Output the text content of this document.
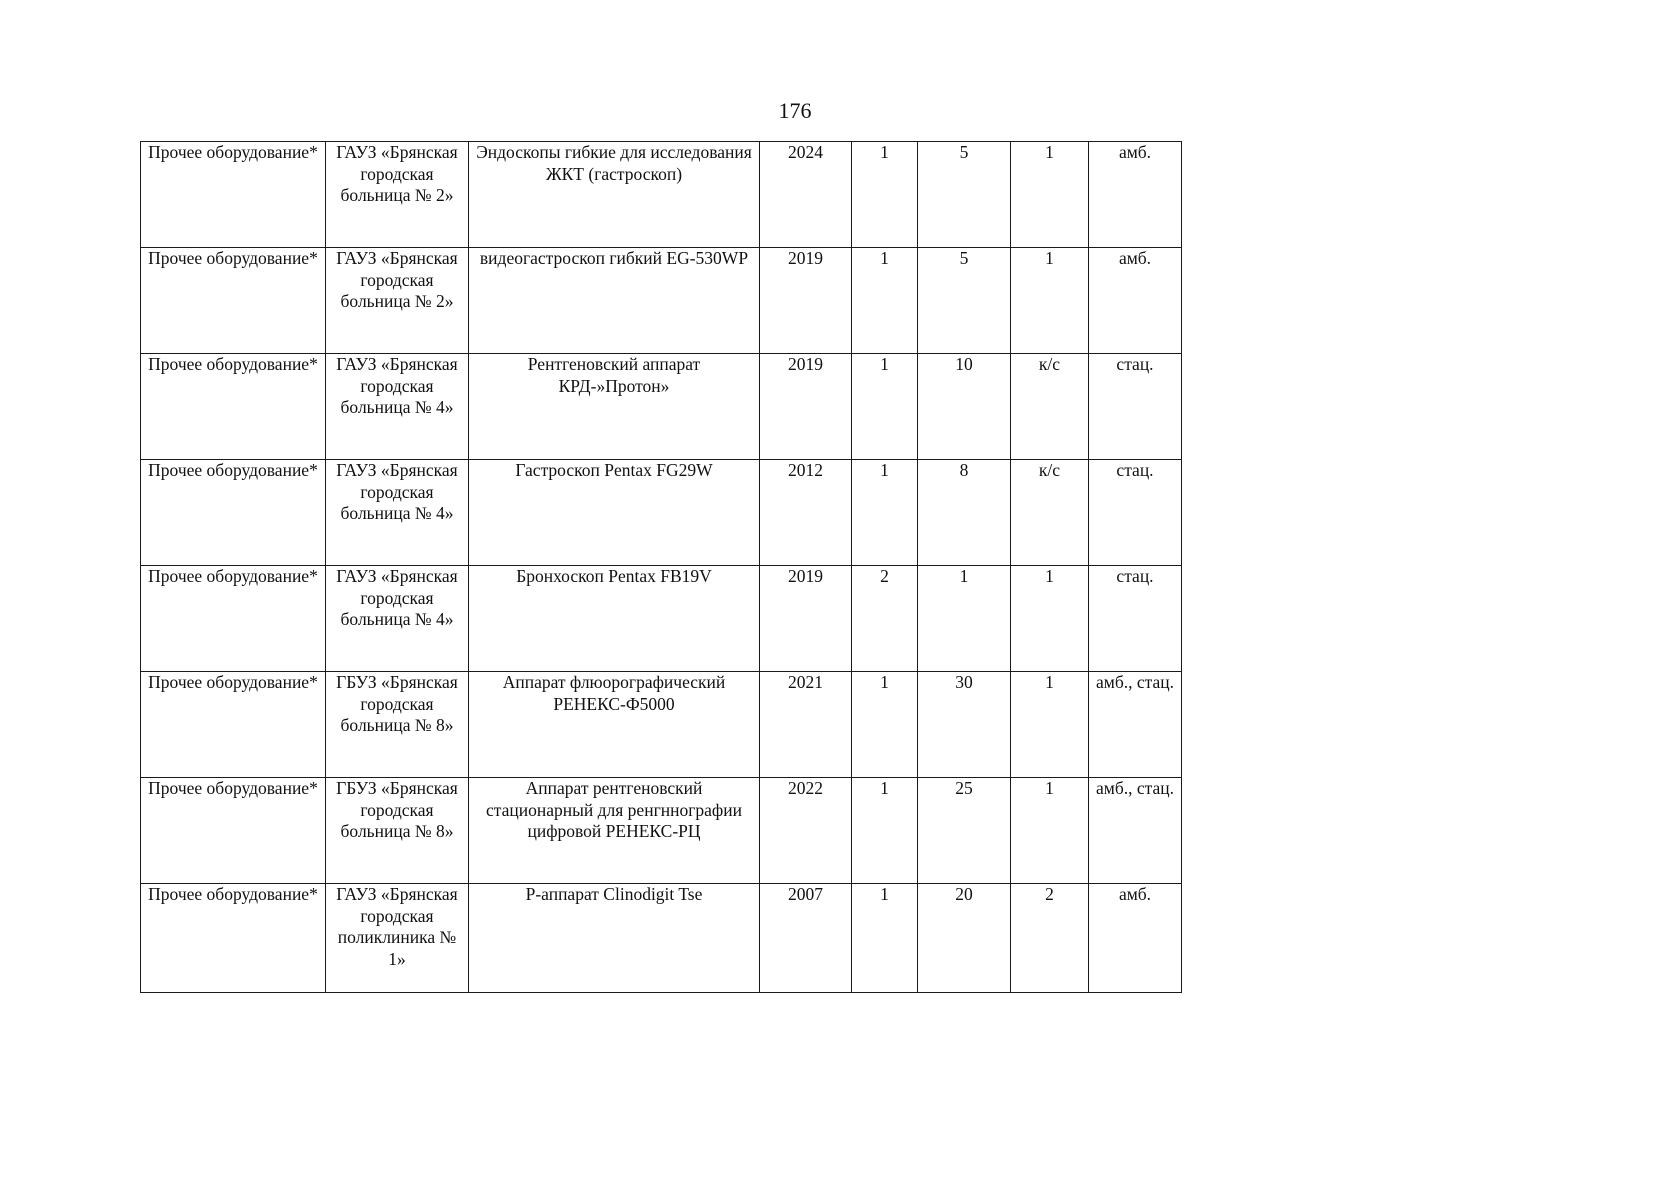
176
Прочее оборудование*	ГАУЗ «Брянская городская больница № 2»	Эндоскопы гибкие для исследования ЖКТ (гастроскоп)	2024	1	5	1	амб.
Прочее оборудование*	ГАУЗ «Брянская городская больница № 2»	видеогастроскоп гибкий EG-530WP	2019	1	5	1	амб.
Прочее оборудование*	ГАУЗ «Брянская городская больница № 4»	Рентгеновский аппарат КРД-»Протон»	2019	1	10	к/с	стац.
Прочее оборудование*	ГАУЗ «Брянская городская больница № 4»	Гастроскоп Pentax FG29W	2012	1	8	к/с	стац.
Прочее оборудование*	ГАУЗ «Брянская городская больница № 4»	Бронхоскоп Pentax FB19V	2019	2	1	1	стац.
Прочее оборудование*	ГБУЗ «Брянская городская больница № 8»	Аппарат флюорографический РЕНЕКС-Ф5000	2021	1	30	1	амб., стац.
Прочее оборудование*	ГБУЗ «Брянская городская больница № 8»	Аппарат рентгеновский стационарный для ренгннографии цифровой РЕНЕКС-РЦ	2022	1	25	1	амб., стац.
Прочее оборудование*	ГАУЗ «Брянская городская поликлиника № 1»	Р-аппарат Clinodigit Tse	2007	1	20	2	амб.
